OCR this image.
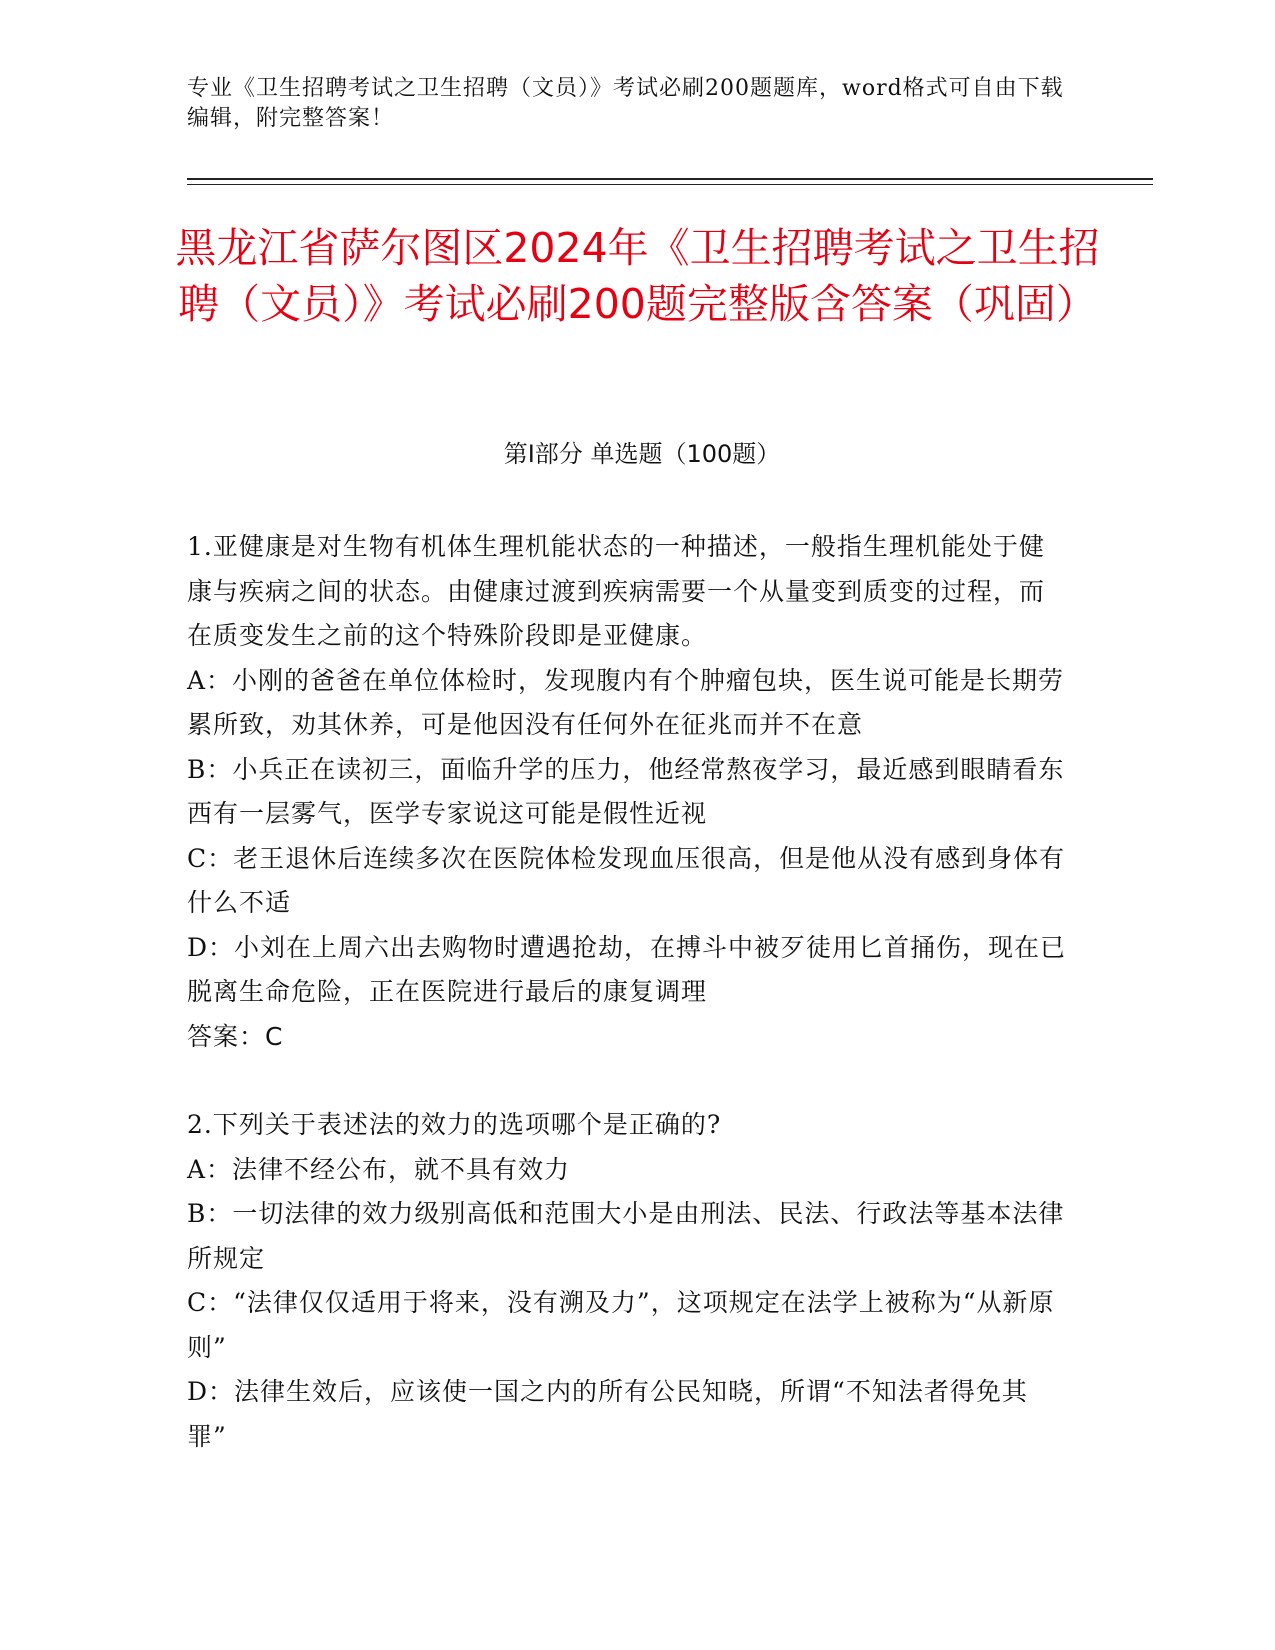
专业《卫生招聘考试之卫生招聘（文员）》考试必刷200题题库，word格式可自由下载编辑，附完整答案！
黑龙江省萨尔图区2024年《卫生招聘考试之卫生招聘（文员）》考试必刷200题完整版含答案（巩固）
第Ⅰ部分 单选题（100题）

1.亚健康是对生物有机体生理机能状态的一种描述，一般指生理机能处于健康与疾病之间的状态。由健康过渡到疾病需要一个从量变到质变的过程，而在质变发生之前的这个特殊阶段即是亚健康。

A：小刚的爸爸在单位体检时，发现腹内有个肿瘤包块，医生说可能是长期劳累所致，劝其休养，可是他因没有任何外在征兆而并不在意

B：小兵正在读初三，面临升学的压力，他经常熬夜学习，最近感到眼睛看东西有一层雾气，医学专家说这可能是假性近视

C：老王退休后连续多次在医院体检发现血压很高，但是他从没有感到身体有什么不适

D：小刘在上周六出去购物时遭遇抢劫，在搏斗中被歹徒用匕首捅伤，现在已脱离生命危险，正在医院进行最后的康复调理

答案：C

2.下列关于表述法的效力的选项哪个是正确的?

A：法律不经公布，就不具有效力

B：一切法律的效力级别高低和范围大小是由刑法、民法、行政法等基本法律所规定

C：“法律仅仅适用于将来，没有溯及力”，这项规定在法学上被称为“从新原则”

D：法律生效后，应该使一国之内的所有公民知晓，所谓“不知法者得免其罪”
